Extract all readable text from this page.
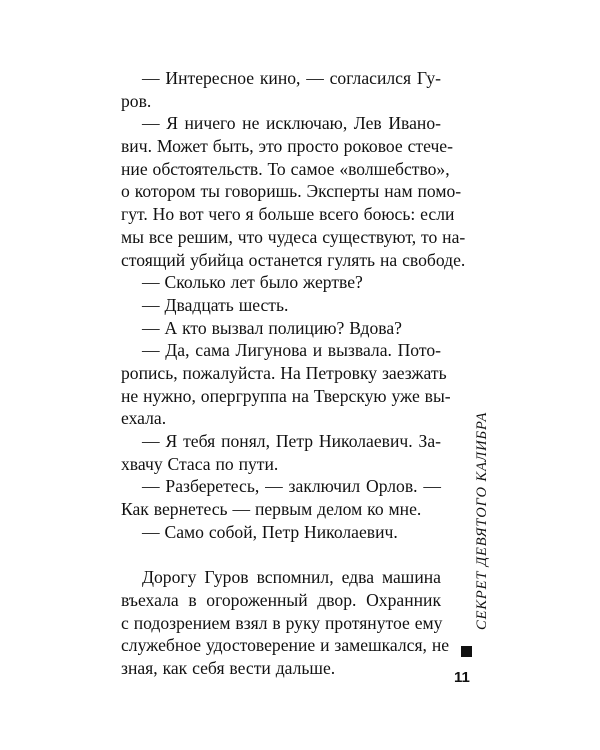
— Интересное кино, — согласился Гу-
ров.
— Я ничего не исключаю, Лев Ивано-
вич. Может быть, это просто роковое стече-
ние обстоятельств. То самое «волшебство»,
о котором ты говоришь. Эксперты нам помо-
гут. Но вот чего я больше всего боюсь: если
мы все решим, что чудеса существуют, то на-
стоящий убийца останется гулять на свободе.
— Сколько лет было жертве?
— Двадцать шесть.
— А кто вызвал полицию? Вдова?
— Да, сама Лигунова и вызвала. Пото-
ропись, пожалуйста. На Петровку заезжать
не нужно, опергруппа на Тверскую уже вы-
ехала.
— Я тебя понял, Петр Николаевич. За-
хвачу Стаса по пути.
— Разберетесь, — заключил Орлов. —
Как вернетесь — первым делом ко мне.
— Само собой, Петр Николаевич.
Дорогу Гуров вспомнил, едва машина
въехала в огороженный двор. Охранник
с подозрением взял в руку протянутое ему
служебное удостоверение и замешкался, не
зная, как себя вести дальше.
СЕКРЕТ ДЕВЯТОГО КАЛИБРА
11
